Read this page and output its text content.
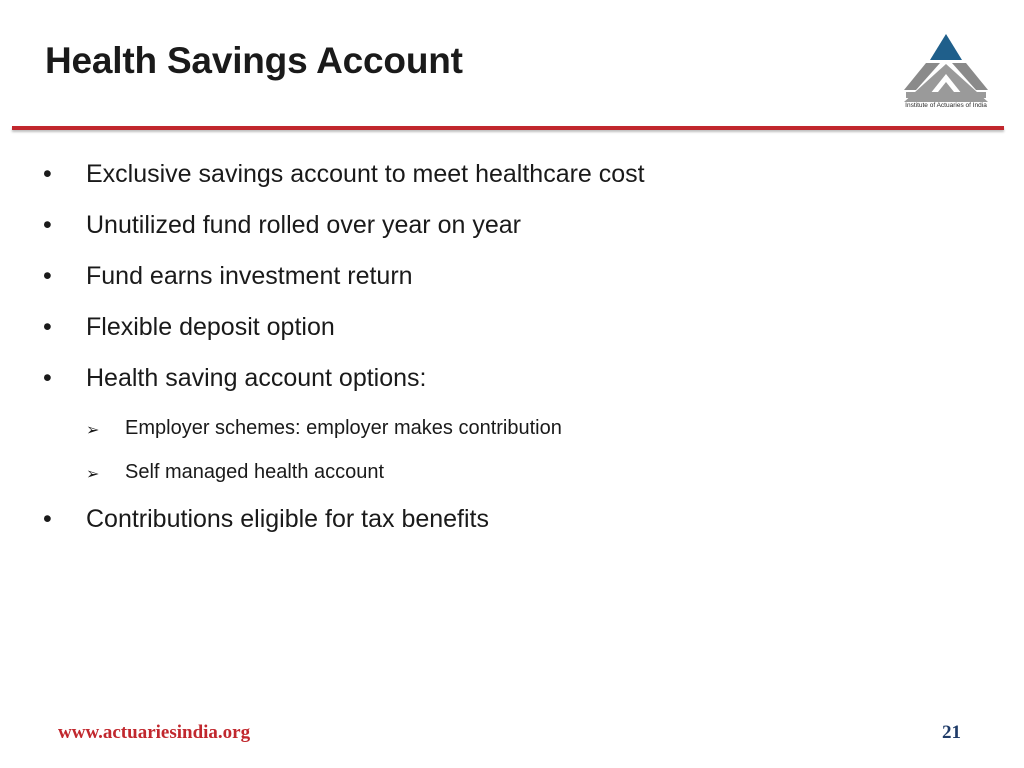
Health Savings Account
Institute of Actuaries of India
• Exclusive savings account to meet healthcare cost
• Unutilized fund rolled over year on year
• Fund earns investment return
• Flexible deposit option
• Health saving account options:
➢ Employer schemes: employer makes contribution
➢ Self managed health account
• Contributions eligible for tax benefits
www.actuariesindia.org	21
